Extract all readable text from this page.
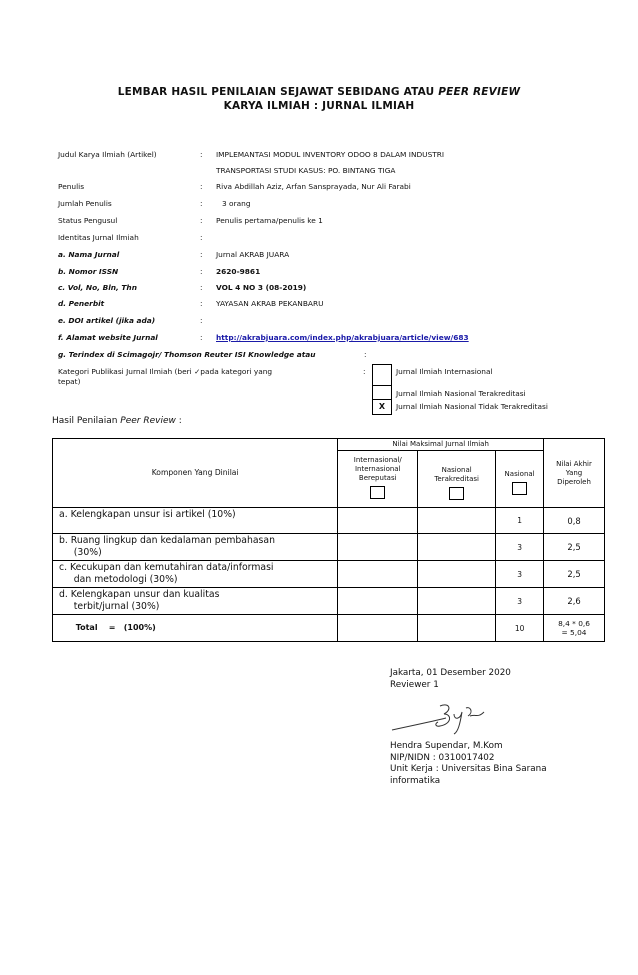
LEMBAR HASIL PENILAIAN SEJAWAT SEBIDANG ATAU PEER REVIEW
KARYA ILMIAH : JURNAL ILMIAH
Judul Karya Ilmiah (Artikel)	: IMPLEMANTASI MODUL INVENTORY ODOO 8 DALAM INDUSTRI
TRANSPORTASI STUDI KASUS: PO. BINTANG TIGA
Penulis	: Riva Abdillah Aziz, Arfan Sansprayada, Nur Ali Farabi
Jumlah Penulis	:	3 orang
Status Pengusul	: Penulis pertama/penulis ke 1
Identitas Jurnal Ilmiah	:
a. Nama Jurnal	: Jurnal AKRAB JUARA
b. Nomor ISSN	: 2620-9861
c. Vol, No, Bln, Thn	: VOL 4 NO 3 (08-2019)
d. Penerbit	: YAYASAN AKRAB PEKANBARU
e. DOI artikel (jika ada)	:
f. Alamat website Jurnal	: http://akrabjuara.com/index.php/akrabjuara/article/view/683
g. Terindex di Scimagojr/ Thomson Reuter ISI Knowledge atau	:
Kategori Publikasi Jurnal Ilmiah (beri ✓pada kategori yang
tepat)
:	Jurnal Ilmiah Internasional
Jurnal Ilmiah Nasional Terakreditasi
X	Jurnal Ilmiah Nasional Tidak Terakreditasi
Hasil Penilaian Peer Review :
Komponen Yang Dinilai	Nilai Maksimal Jurnal Ilmiah			Nilai Akhir Yang Diperoleh

	Internasional/ Internasional Bereputasi	Nasional Terakreditasi	Nasional	

a. Kelengkapan unsur isi artikel (10%)			1	0,8

b. Ruang lingkup dan kedalaman pembahasan
(30%)			3	2,5

c. Kecukupan dan kemutahiran data/informasi
dan metodologi (30%)			3	2,5

d. Kelengkapan unsur dan kualitas
terbit/jurnal (30%)			3	2,6
Total    =   (100%)			10	8,4 * 0,6
= 5,04
Jakarta, 01 Desember 2020
Reviewer 1
Hendra Supendar, M.Kom
NIP/NIDN : 0310017402
Unit Kerja : Universitas Bina Sarana
informatika
